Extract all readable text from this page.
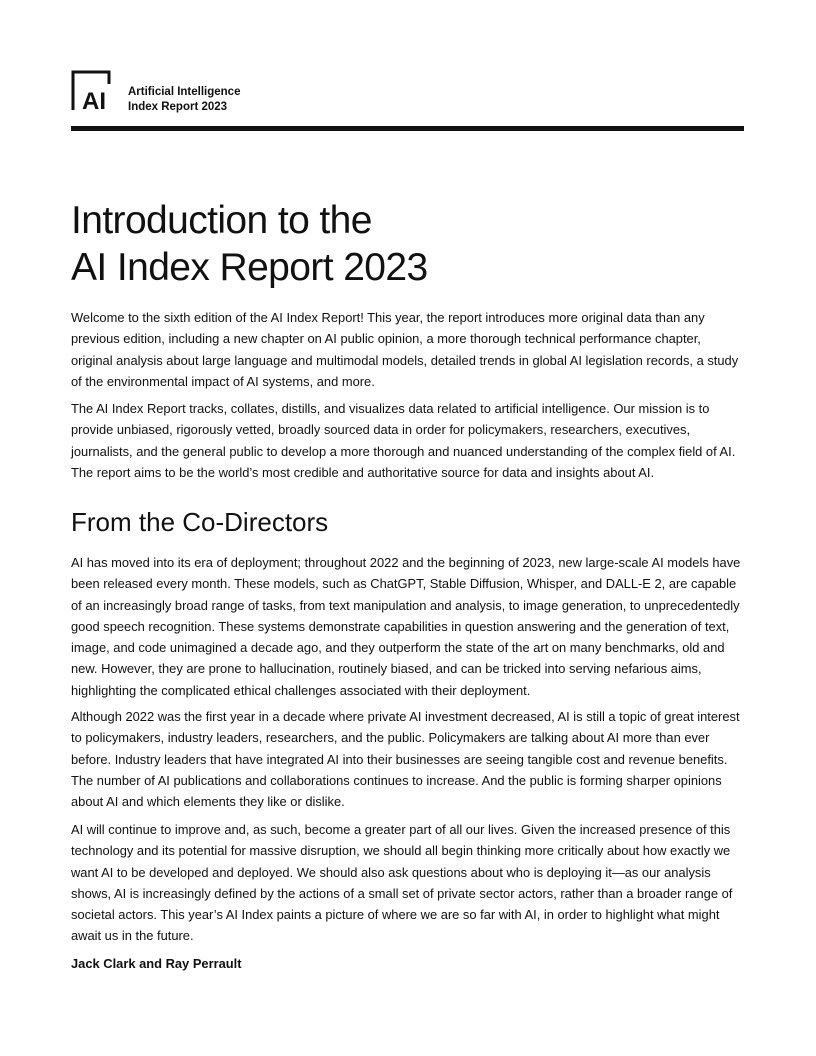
AI Artificial Intelligence
Index Report 2023
Introduction to the
AI Index Report 2023

Welcome to the sixth edition of the AI Index Report! This year, the report introduces more original data than any previous edition, including a new chapter on AI public opinion, a more thorough technical performance chapter, original analysis about large language and multimodal models, detailed trends in global AI legislation records, a study of the environmental impact of AI systems, and more.

The AI Index Report tracks, collates, distills, and visualizes data related to artificial intelligence. Our mission is to provide unbiased, rigorously vetted, broadly sourced data in order for policymakers, researchers, executives, journalists, and the general public to develop a more thorough and nuanced understanding of the complex field of AI. The report aims to be the world’s most credible and authoritative source for data and insights about AI.

From the Co-Directors

AI has moved into its era of deployment; throughout 2022 and the beginning of 2023, new large-scale AI models have been released every month. These models, such as ChatGPT, Stable Diffusion, Whisper, and DALL-E 2, are capable of an increasingly broad range of tasks, from text manipulation and analysis, to image generation, to unprecedentedly good speech recognition. These systems demonstrate capabilities in question answering and the generation of text, image, and code unimagined a decade ago, and they outperform the state of the art on many benchmarks, old and new. However, they are prone to hallucination, routinely biased, and can be tricked into serving nefarious aims, highlighting the complicated ethical challenges associated with their deployment.

Although 2022 was the first year in a decade where private AI investment decreased, AI is still a topic of great interest to policymakers, industry leaders, researchers, and the public. Policymakers are talking about AI more than ever before. Industry leaders that have integrated AI into their businesses are seeing tangible cost and revenue benefits. The number of AI publications and collaborations continues to increase. And the public is forming sharper opinions about AI and which elements they like or dislike.

AI will continue to improve and, as such, become a greater part of all our lives. Given the increased presence of this technology and its potential for massive disruption, we should all begin thinking more critically about how exactly we want AI to be developed and deployed. We should also ask questions about who is deploying it—as our analysis shows, AI is increasingly defined by the actions of a small set of private sector actors, rather than a broader range of societal actors. This year’s AI Index paints a picture of where we are so far with AI, in order to highlight what might await us in the future.

Jack Clark and Ray Perrault
